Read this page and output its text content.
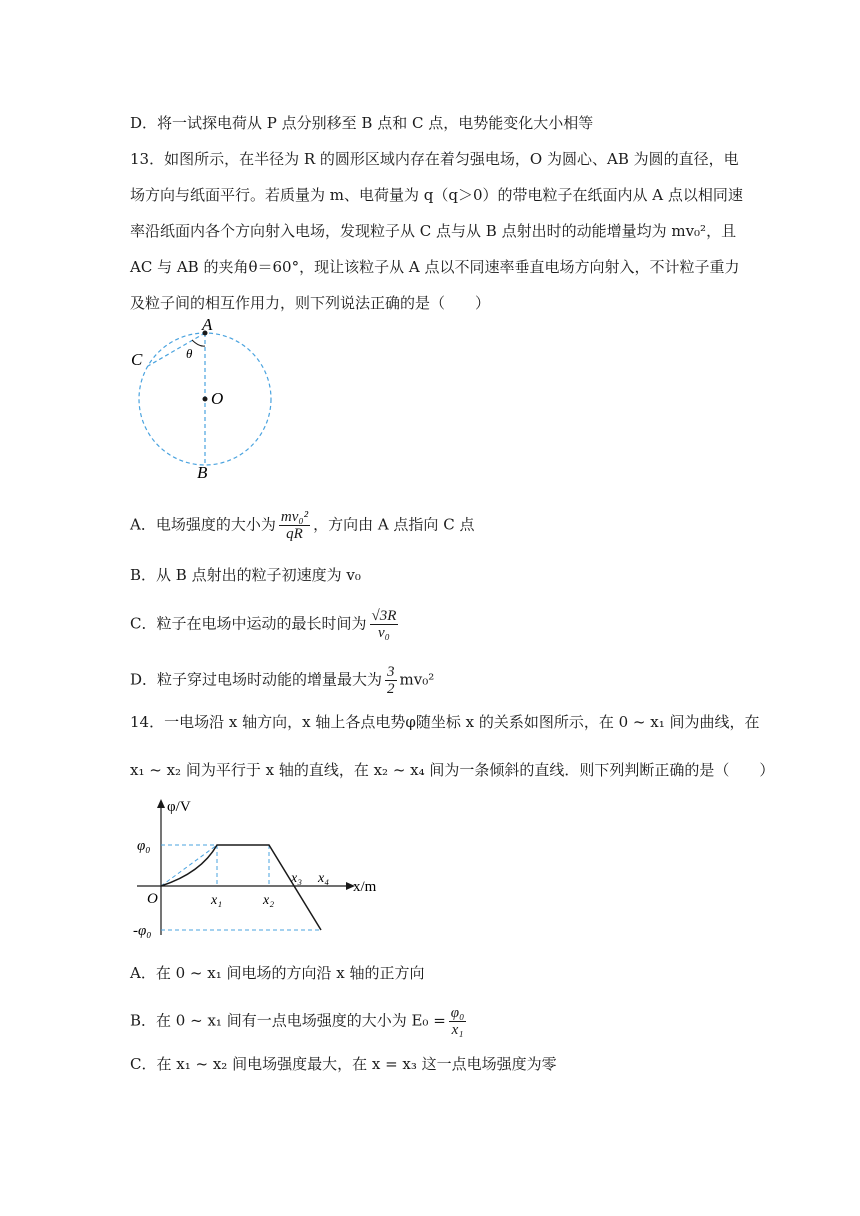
D．将一试探电荷从 P 点分别移至 B 点和 C 点，电势能变化大小相等
13．如图所示，在半径为 R 的圆形区域内存在着匀强电场，O 为圆心、AB 为圆的直径，电
场方向与纸面平行。若质量为 m、电荷量为 q（q＞0）的带电粒子在纸面内从 A 点以相同速
率沿纸面内各个方向射入电场，发现粒子从 C 点与从 B 点射出时的动能增量均为 mv₀²，且
AC 与 AB 的夹角θ＝60°，现让该粒子从 A 点以不同速率垂直电场方向射入，不计粒子重力
及粒子间的相互作用力，则下列说法正确的是（　　）
A
C	θ
O
B
A．电场强度的大小为 $\frac{\text{mv₀²}}{qR}$ ，方向由 A 点指向 C 点
B．从 B 点射出的粒子初速度为 v₀
C．粒子在电场中运动的最长时间为 $\frac{√3R}{\text{v₀}}$
D．粒子穿过电场时动能的增量最大为 $\frac{3}{2} mv_0^2$
14．一电场沿 x 轴方向，x 轴上各点电势φ随坐标 x 的关系如图所示，在 0 ~ x₁ 间为曲线，在
x₁ ~ x₂ 间为平行于 x 轴的直线，在 x₂ ~ x₄ 间为一条倾斜的直线．则下列判断正确的是（　　）
φ/V
x/m
O
φ₀
-φ₀
x₁	x₂
x₃ x₄
A．在 0 ~ x₁ 间电场的方向沿 x 轴的正方向
B．在 0 ~ x₁ 间有一点电场强度的大小为 $E_0 = \frac{\text{φ₀}}{\text{x₁}}$
C．在 x₁ ~ x₂ 间电场强度最大，在 x = x₃ 这一点电场强度为零
